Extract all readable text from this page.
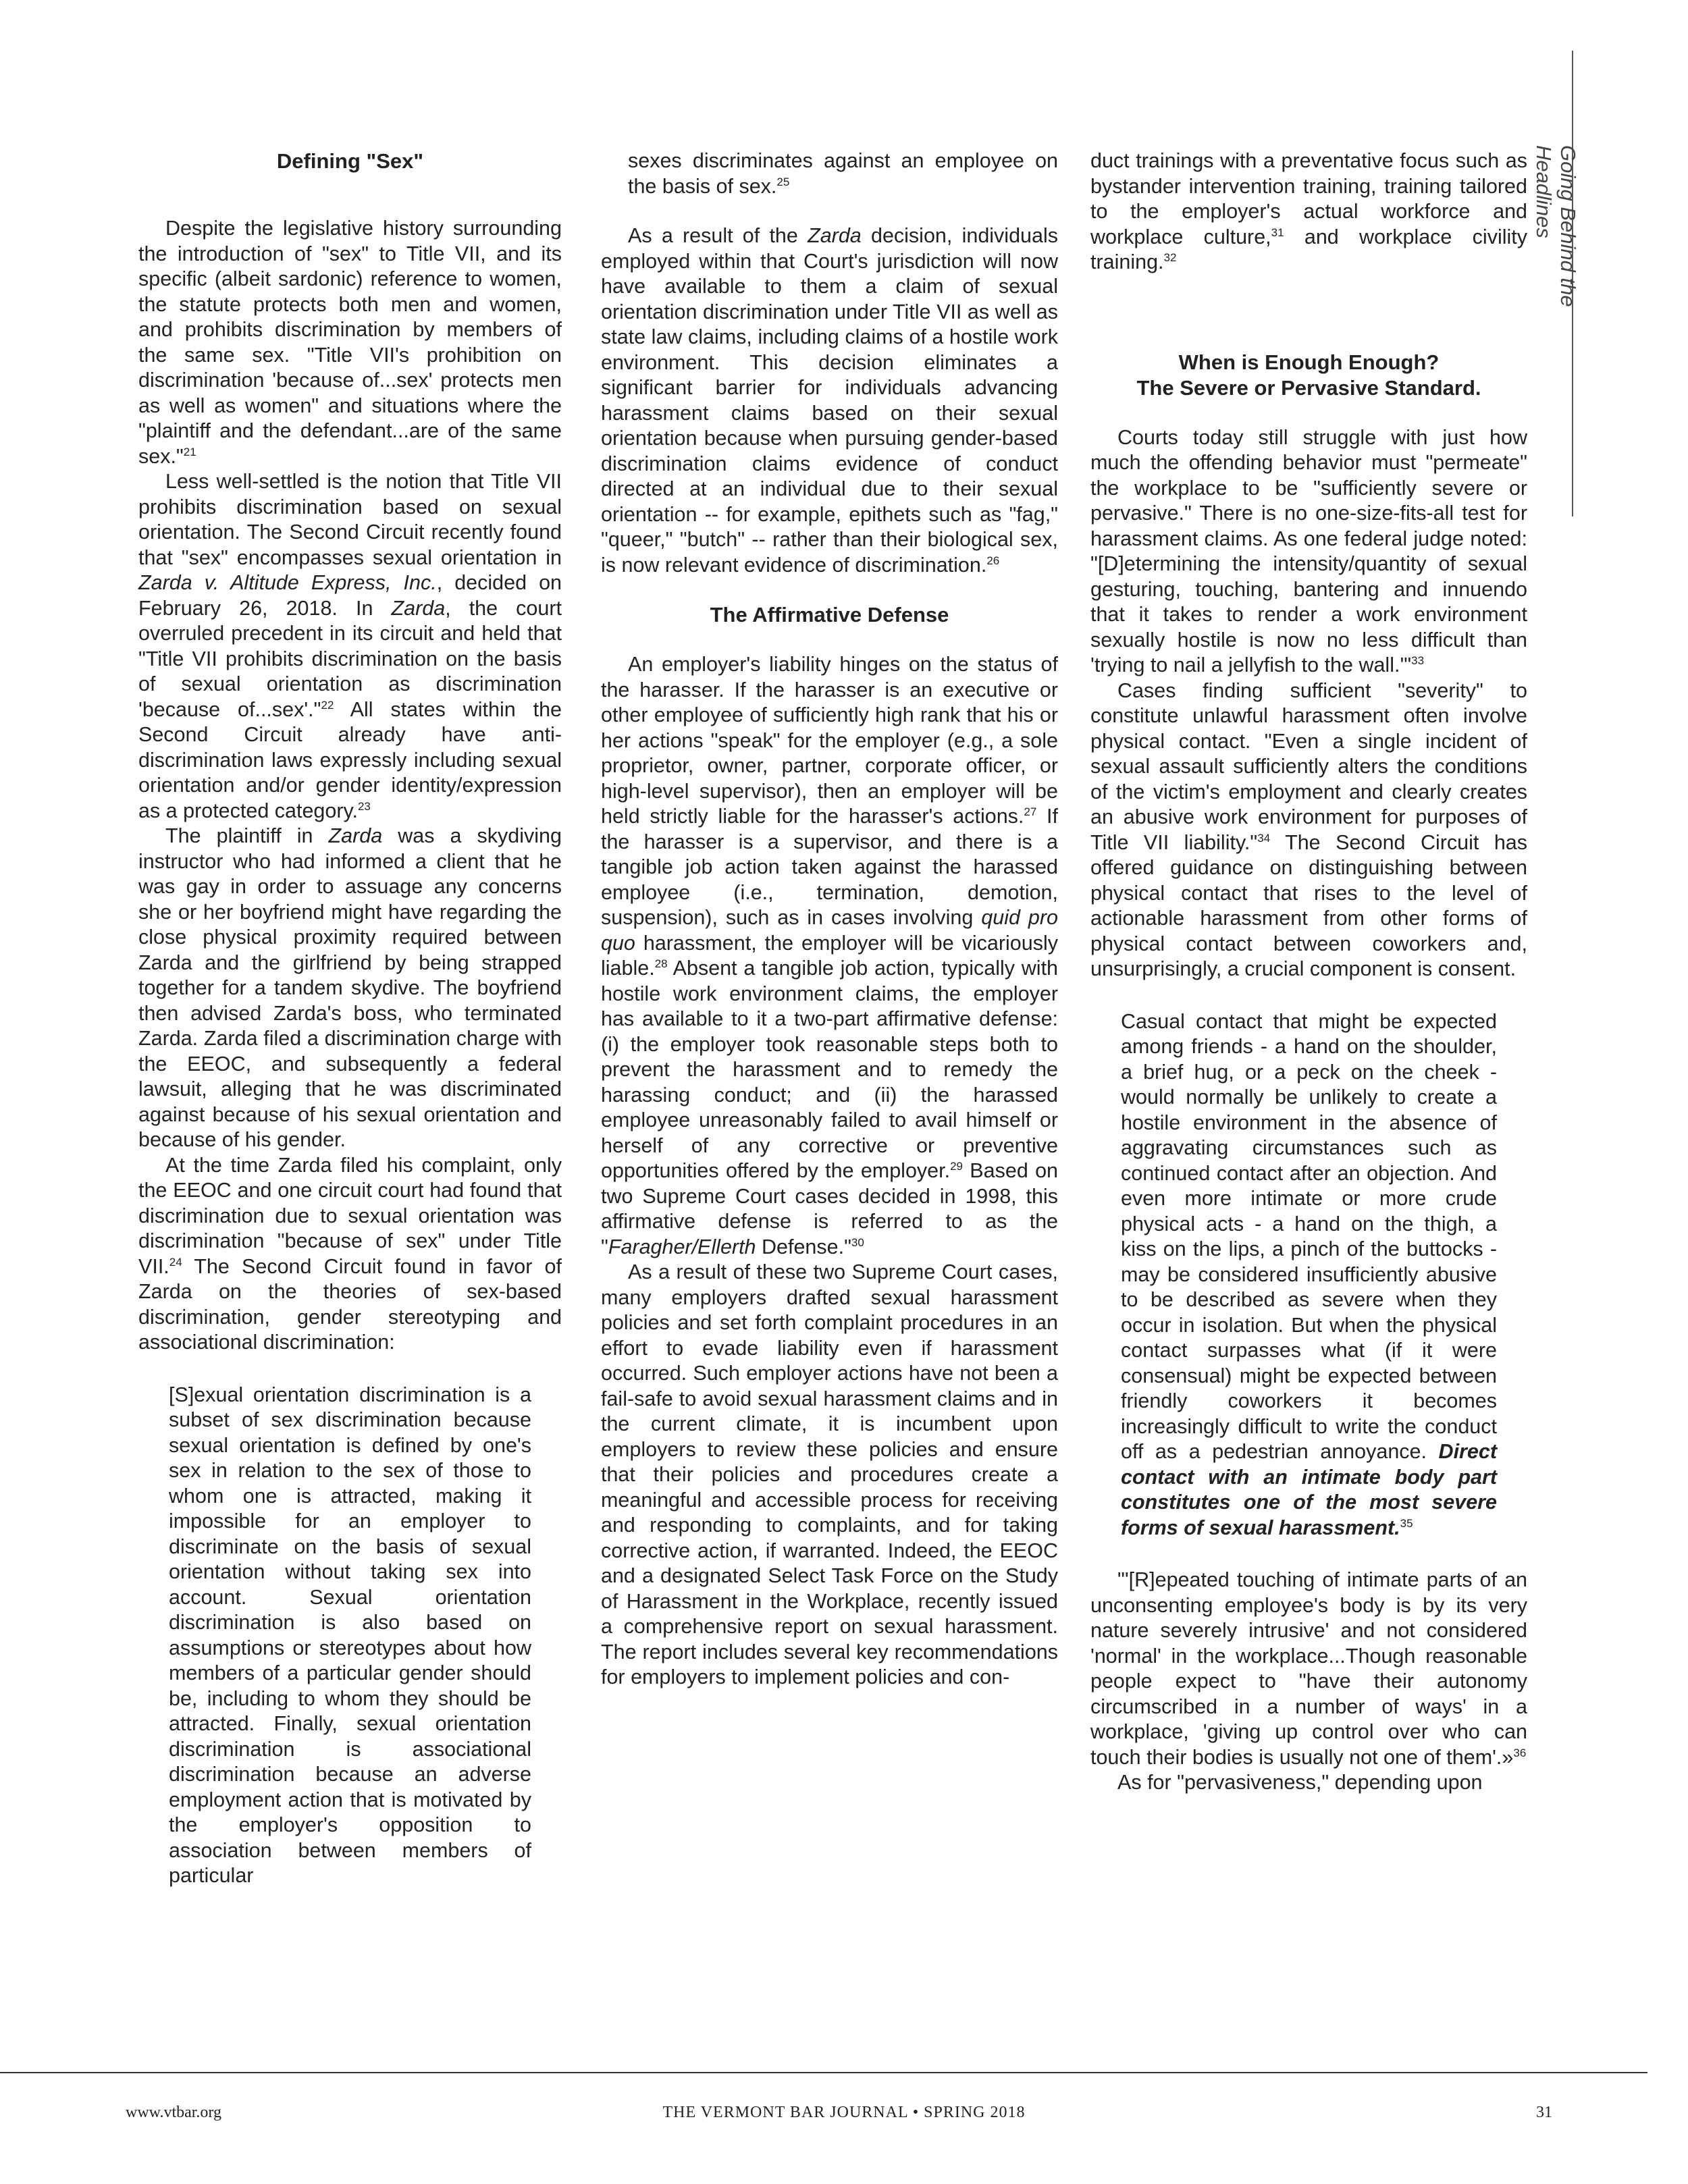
Going Behind the Headlines
Defining "Sex"

Despite the legislative history surrounding the introduction of "sex" to Title VII, and its specific (albeit sardonic) reference to women, the statute protects both men and women, and prohibits discrimination by members of the same sex. "Title VII's prohibition on discrimination 'because of...sex' protects men as well as women" and situations where the "plaintiff and the defendant...are of the same sex."$^{21}$

Less well-settled is the notion that Title VII prohibits discrimination based on sexual orientation. The Second Circuit recently found that "sex" encompasses sexual orientation in Zarda v. Altitude Express, Inc., decided on February 26, 2018. In Zarda, the court overruled precedent in its circuit and held that "Title VII prohibits discrimination on the basis of sexual orientation as discrimination 'because of...sex'."$^{22}$ All states within the Second Circuit already have anti-discrimination laws expressly including sexual orientation and/or gender identity/expression as a protected category.$^{23}$

The plaintiff in Zarda was a skydiving instructor who had informed a client that he was gay in order to assuage any concerns she or her boyfriend might have regarding the close physical proximity required between Zarda and the girlfriend by being strapped together for a tandem skydive. The boyfriend then advised Zarda's boss, who terminated Zarda. Zarda filed a discrimination charge with the EEOC, and subsequently a federal lawsuit, alleging that he was discriminated against because of his sexual orientation and because of his gender.

At the time Zarda filed his complaint, only the EEOC and one circuit court had found that discrimination due to sexual orientation was discrimination "because of sex" under Title VII.$^{24}$ The Second Circuit found in favor of Zarda on the theories of sex-based discrimination, gender stereotyping and associational discrimination:

[S]exual orientation discrimination is a subset of sex discrimination because sexual orientation is defined by one's sex in relation to the sex of those to whom one is attracted, making it impossible for an employer to discriminate on the basis of sexual orientation without taking sex into account. Sexual orientation discrimination is also based on assumptions or stereotypes about how members of a particular gender should be, including to whom they should be attracted. Finally, sexual orientation discrimination is associational discrimination because an adverse employment action that is motivated by the employer's opposition to association between members of particular

sexes discriminates against an employee on the basis of sex.$^{25}$

As a result of the Zarda decision, individuals employed within that Court's jurisdiction will now have available to them a claim of sexual orientation discrimination under Title VII as well as state law claims, including claims of a hostile work environment. This decision eliminates a significant barrier for individuals advancing harassment claims based on their sexual orientation because when pursuing gender-based discrimination claims evidence of conduct directed at an individual due to their sexual orientation -- for example, epithets such as "fag," "queer," "butch" -- rather than their biological sex, is now relevant evidence of discrimination.$^{26}$

The Affirmative Defense

An employer's liability hinges on the status of the harasser. If the harasser is an executive or other employee of sufficiently high rank that his or her actions "speak" for the employer (e.g., a sole proprietor, owner, partner, corporate officer, or high-level supervisor), then an employer will be held strictly liable for the harasser's actions.$^{27}$ If the harasser is a supervisor, and there is a tangible job action taken against the harassed employee (i.e., termination, demotion, suspension), such as in cases involving quid pro quo harassment, the employer will be vicariously liable.$^{28}$ Absent a tangible job action, typically with hostile work environment claims, the employer has available to it a two-part affirmative defense: (i) the employer took reasonable steps both to prevent the harassment and to remedy the harassing conduct; and (ii) the harassed employee unreasonably failed to avail himself or herself of any corrective or preventive opportunities offered by the employer.$^{29}$ Based on two Supreme Court cases decided in 1998, this affirmative defense is referred to as the "Faragher/Ellerth Defense."$^{30}$

As a result of these two Supreme Court cases, many employers drafted sexual harassment policies and set forth complaint procedures in an effort to evade liability even if harassment occurred. Such employer actions have not been a fail-safe to avoid sexual harassment claims and in the current climate, it is incumbent upon employers to review these policies and ensure that their policies and procedures create a meaningful and accessible process for receiving and responding to complaints, and for taking corrective action, if warranted. Indeed, the EEOC and a designated Select Task Force on the Study of Harassment in the Workplace, recently issued a comprehensive report on sexual harassment. The report includes several key recommendations for employers to implement policies and con-

duct trainings with a preventative focus such as bystander intervention training, training tailored to the employer's actual workforce and workplace culture,$^{31}$ and workplace civility training.$^{32}$

When is Enough Enough?
The Severe or Pervasive Standard.

Courts today still struggle with just how much the offending behavior must "permeate" the workplace to be "sufficiently severe or pervasive." There is no one-size-fits-all test for harassment claims. As one federal judge noted: "[D]etermining the intensity/quantity of sexual gesturing, touching, bantering and innuendo that it takes to render a work environment sexually hostile is now no less difficult than 'trying to nail a jellyfish to the wall.'"$^{33}$

Cases finding sufficient "severity" to constitute unlawful harassment often involve physical contact. "Even a single incident of sexual assault sufficiently alters the conditions of the victim's employment and clearly creates an abusive work environment for purposes of Title VII liability."$^{34}$ The Second Circuit has offered guidance on distinguishing between physical contact that rises to the level of actionable harassment from other forms of physical contact between coworkers and, unsurprisingly, a crucial component is consent.

Casual contact that might be expected among friends - a hand on the shoulder, a brief hug, or a peck on the cheek - would normally be unlikely to create a hostile environment in the absence of aggravating circumstances such as continued contact after an objection. And even more intimate or more crude physical acts - a hand on the thigh, a kiss on the lips, a pinch of the buttocks - may be considered insufficiently abusive to be described as severe when they occur in isolation. But when the physical contact surpasses what (if it were consensual) might be expected between friendly coworkers it becomes increasingly difficult to write the conduct off as a pedestrian annoyance. Direct contact with an intimate body part constitutes one of the most severe forms of sexual harassment.$^{35}$

"'[R]epeated touching of intimate parts of an unconsenting employee's body is by its very nature severely intrusive' and not considered 'normal' in the workplace...Though reasonable people expect to "have their autonomy circumscribed in a number of ways' in a workplace, 'giving up control over who can touch their bodies is usually not one of them'.»$^{36}$

As for "pervasiveness," depending upon

www.vtbar.org	THE VERMONT BAR JOURNAL • SPRING 2018	31
